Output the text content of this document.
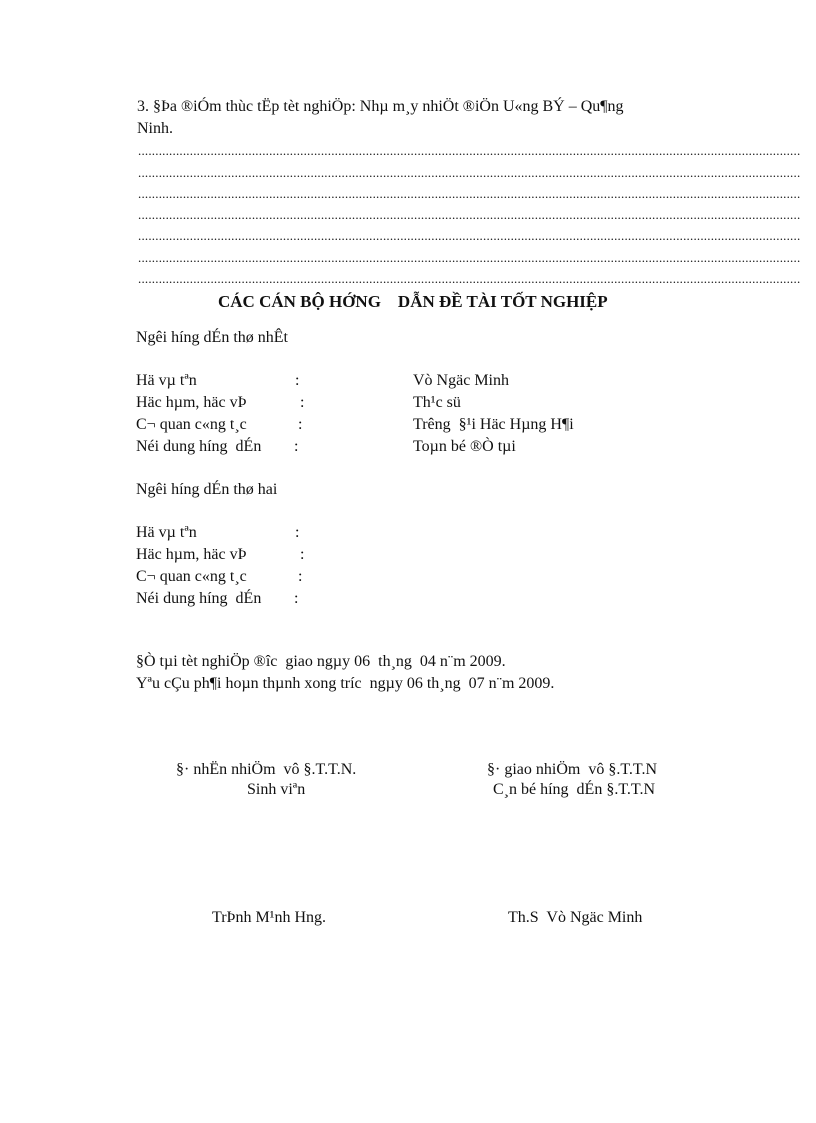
3. §Þa ®iÓm thùc tËp tèt nghiÖp: Nhµ m¸y nhiÖt ®iÖn U«ng BÝ – Qu¶ng
Ninh.
................................................................................................................................................................................................
................................................................................................................................................................................................
................................................................................................................................................................................................
................................................................................................................................................................................................
................................................................................................................................................................................................
................................................................................................................................................................................................
................................................................................................................................................................................................
CÁC CÁN BỘ HỚNG    DẪN ĐỀ TÀI TỐT NGHIỆP
Ngêi híng dÉn thø nhÊt
Hä vµ tªn	:	Vò Ngäc Minh
Häc hµm, häc vÞ	:	Th¹c sü
C¬ quan c«ng t¸c	:	Trêng  §¹i Häc Hµng H¶i
Néi dung híng  dÉn :	Toµn bé ®Ò tµi
Ngêi híng dÉn thø hai
Hä vµ tªn	:
Häc hµm, häc vÞ	:
C¬ quan c«ng t¸c	:
Néi dung híng  dÉn :
§Ò tµi tèt nghiÖp ®îc  giao ngµy 06  th¸ng  04 n¨m 2009.
Yªu cÇu ph¶i hoµn thµnh xong tríc  ngµy 06 th¸ng  07 n¨m 2009.
§· nhËn nhiÖm  vô §.T.T.N.
Sinh viªn
TrÞnh M¹nh Hng.
§· giao nhiÖm  vô §.T.T.N
C¸n bé híng  dÉn §.T.T.N
Th.S  Vò Ngäc Minh
